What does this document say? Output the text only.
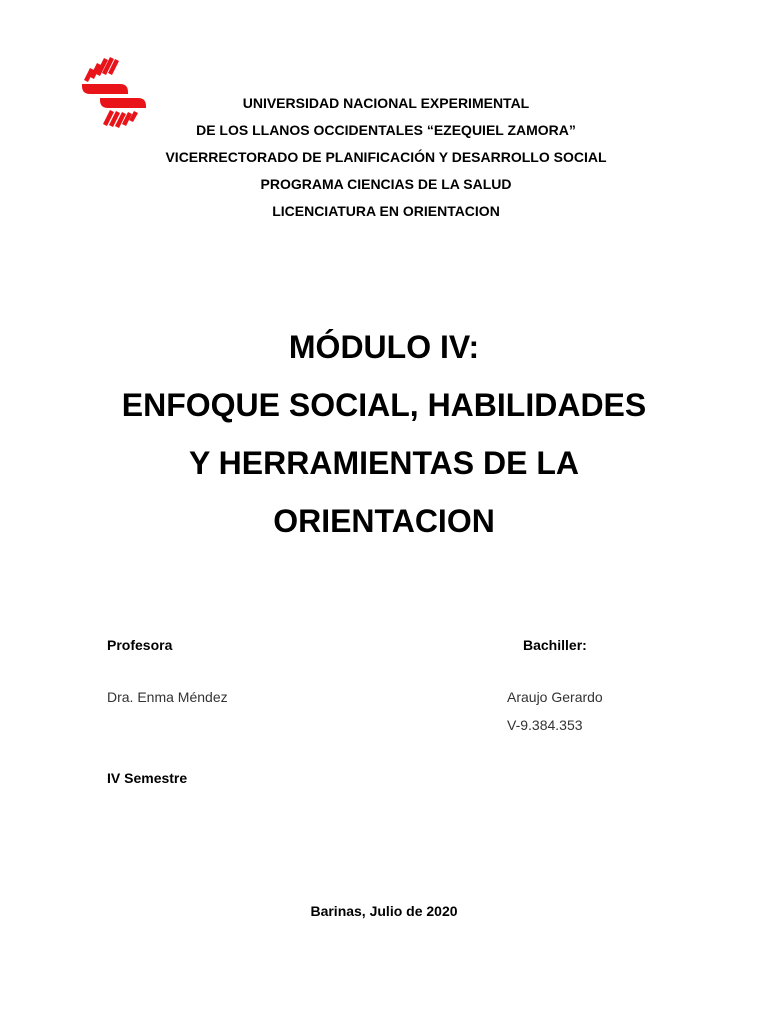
UNIVERSIDAD NACIONAL EXPERIMENTAL
DE LOS LLANOS OCCIDENTALES “EZEQUIEL ZAMORA”
VICERRECTORADO DE PLANIFICACIÓN Y DESARROLLO SOCIAL
PROGRAMA CIENCIAS DE LA SALUD
LICENCIATURA EN ORIENTACION
MÓDULO IV:
ENFOQUE SOCIAL, HABILIDADES
Y HERRAMIENTAS DE LA
ORIENTACION
Profesora	Bachiller:
Dra. Enma Méndez	Araujo Gerardo
V-9.384.353
IV Semestre
Barinas, Julio de 2020
